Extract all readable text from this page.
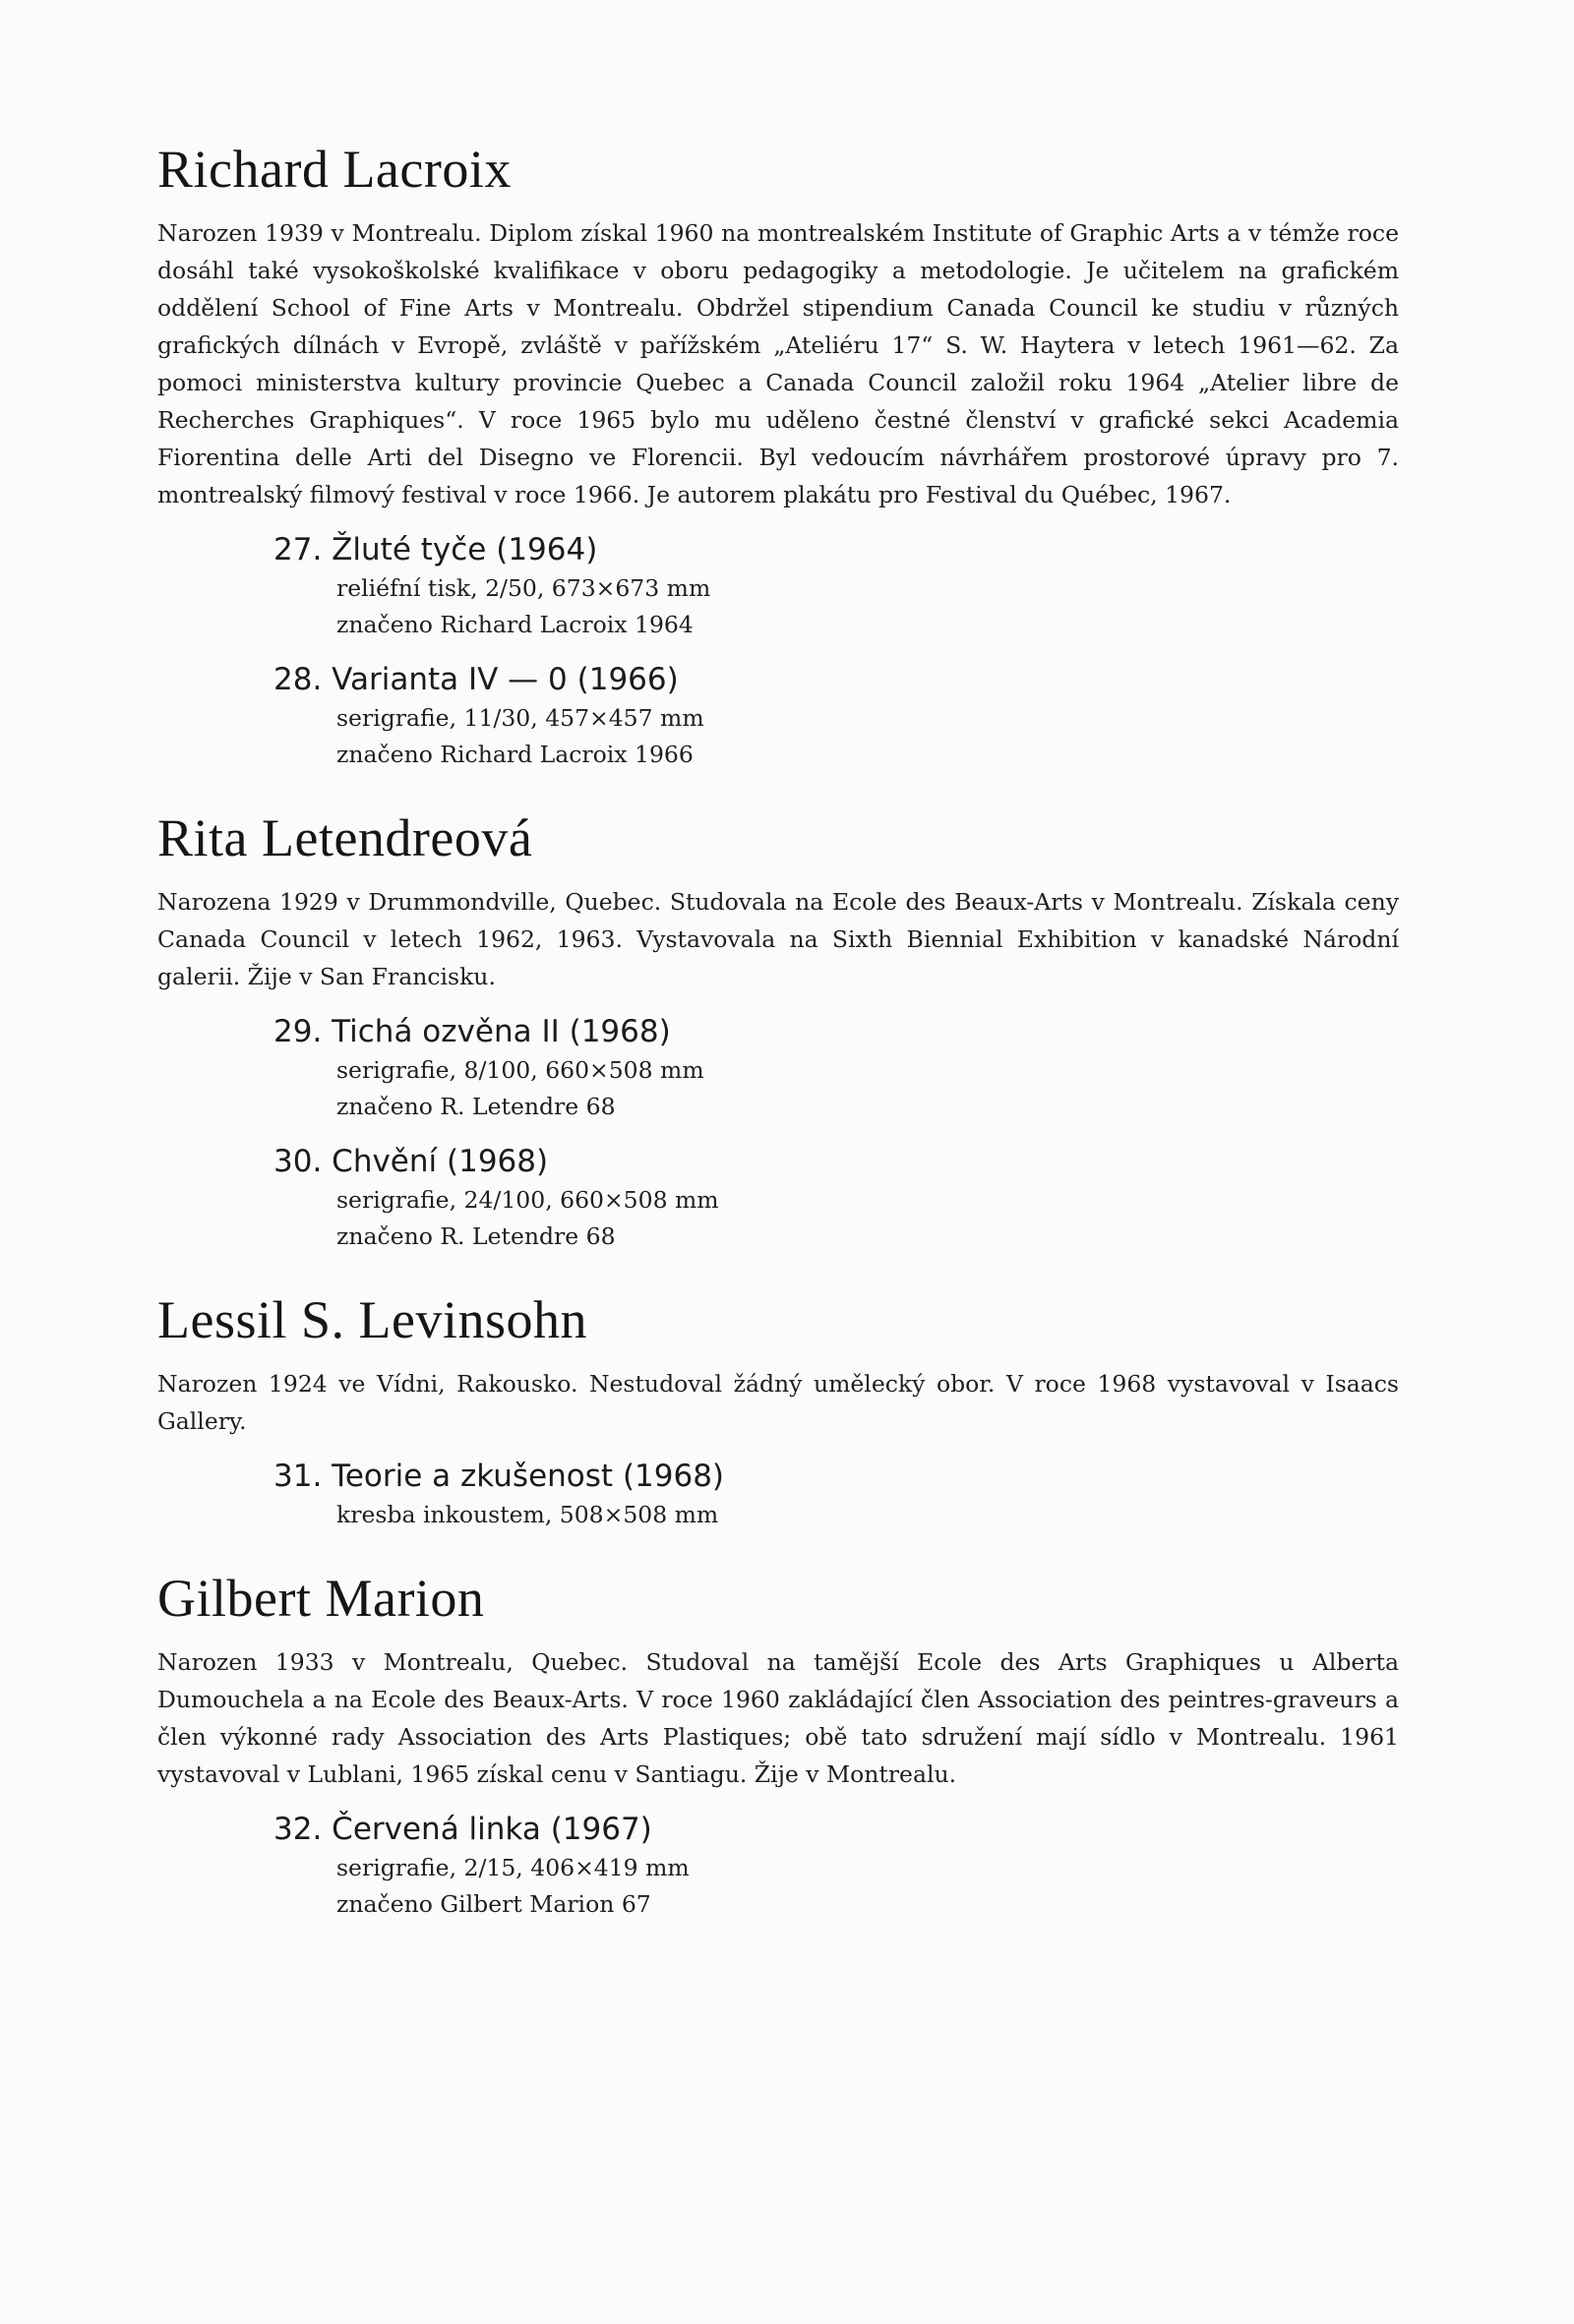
Richard Lacroix

Narozen 1939 v Montrealu. Diplom získal 1960 na montrealském Institute of Graphic Arts a v témže roce dosáhl také vysokoškolské kvalifikace v oboru pedagogiky a metodologie. Je učitelem na grafickém oddělení School of Fine Arts v Montrealu. Obdržel stipendium Canada Council ke studiu v různých grafických dílnách v Evropě, zvláště v pařížském „Ateliéru 17“ S. W. Haytera v letech 1961—62. Za pomoci ministerstva kultury provincie Quebec a Canada Council založil roku 1964 „Atelier libre de Recherches Graphiques“. V roce 1965 bylo mu uděleno čestné členství v grafické sekci Academia Fiorentina delle Arti del Disegno ve Florencii. Byl vedoucím návrhářem prostorové úpravy pro 7. montrealský filmový festival v roce 1966. Je autorem plakátu pro Festival du Québec, 1967.

27. Žluté tyče (1964)
reliéfní tisk, 2/50, 673×673 mm
značeno Richard Lacroix 1964
28. Varianta IV — 0 (1966)
serigrafie, 11/30, 457×457 mm
značeno Richard Lacroix 1966
Rita Letendreová

Narozena 1929 v Drummondville, Quebec. Studovala na Ecole des Beaux-Arts v Montrealu. Získala ceny Canada Council v letech 1962, 1963. Vystavovala na Sixth Biennial Exhibition v kanadské Národní galerii. Žije v San Francisku.

29. Tichá ozvěna II (1968)
serigrafie, 8/100, 660×508 mm
značeno R. Letendre 68
30. Chvění (1968)
serigrafie, 24/100, 660×508 mm
značeno R. Letendre 68
Lessil S. Levinsohn

Narozen 1924 ve Vídni, Rakousko. Nestudoval žádný umělecký obor. V roce 1968 vystavoval v Isaacs Gallery.

31. Teorie a zkušenost (1968)
kresba inkoustem, 508×508 mm
Gilbert Marion

Narozen 1933 v Montrealu, Quebec. Studoval na tamější Ecole des Arts Graphiques u Alberta Dumouchela a na Ecole des Beaux-Arts. V roce 1960 zakládající člen Association des peintres-graveurs a člen výkonné rady Association des Arts Plastiques; obě tato sdružení mají sídlo v Montrealu. 1961 vystavoval v Lublani, 1965 získal cenu v Santiagu. Žije v Montrealu.

32. Červená linka (1967)
serigrafie, 2/15, 406×419 mm
značeno Gilbert Marion 67
